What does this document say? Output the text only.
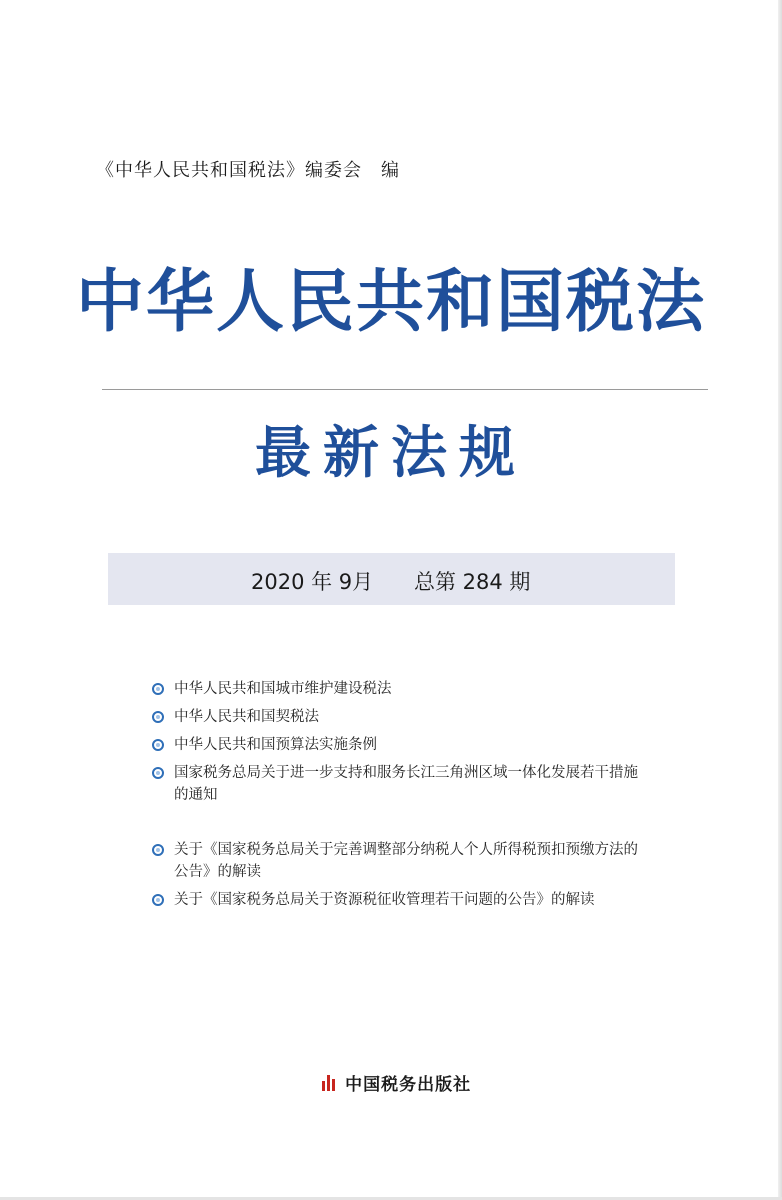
《中华人民共和国税法》编委会　编
中华人民共和国税法
最新法规
2020 年 9月 总第 284 期
中华人民共和国城市维护建设税法
中华人民共和国契税法
中华人民共和国预算法实施条例
国家税务总局关于进一步支持和服务长江三角洲区域一体化发展若干措施的通知
关于《国家税务总局关于完善调整部分纳税人个人所得税预扣预缴方法的公告》的解读
关于《国家税务总局关于资源税征收管理若干问题的公告》的解读
中国税务出版社
